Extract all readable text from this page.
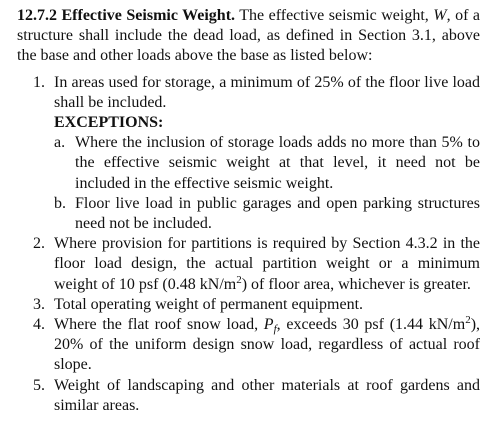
12.7.2 Effective Seismic Weight. The effective seismic weight, W, of a structure shall include the dead load, as defined in Section 3.1, above the base and other loads above the base as listed below:

1. In areas used for storage, a minimum of 25% of the floor live load shall be included.
EXCEPTIONS:
a. Where the inclusion of storage loads adds no more than 5% to the effective seismic weight at that level, it need not be included in the effective seismic weight.
b. Floor live load in public garages and open parking structures need not be included.
2. Where provision for partitions is required by Section 4.3.2 in the floor load design, the actual partition weight or a minimum weight of 10 psf (0.48 $kN/m^2$) of floor area, whichever is greater.
3. Total operating weight of permanent equipment.
4. Where the flat roof snow load, $P_f$, exceeds 30 psf (1.44 $kN/m^2$), 20% of the uniform design snow load, regardless of actual roof slope.
5. Weight of landscaping and other materials at roof gardens and similar areas.
